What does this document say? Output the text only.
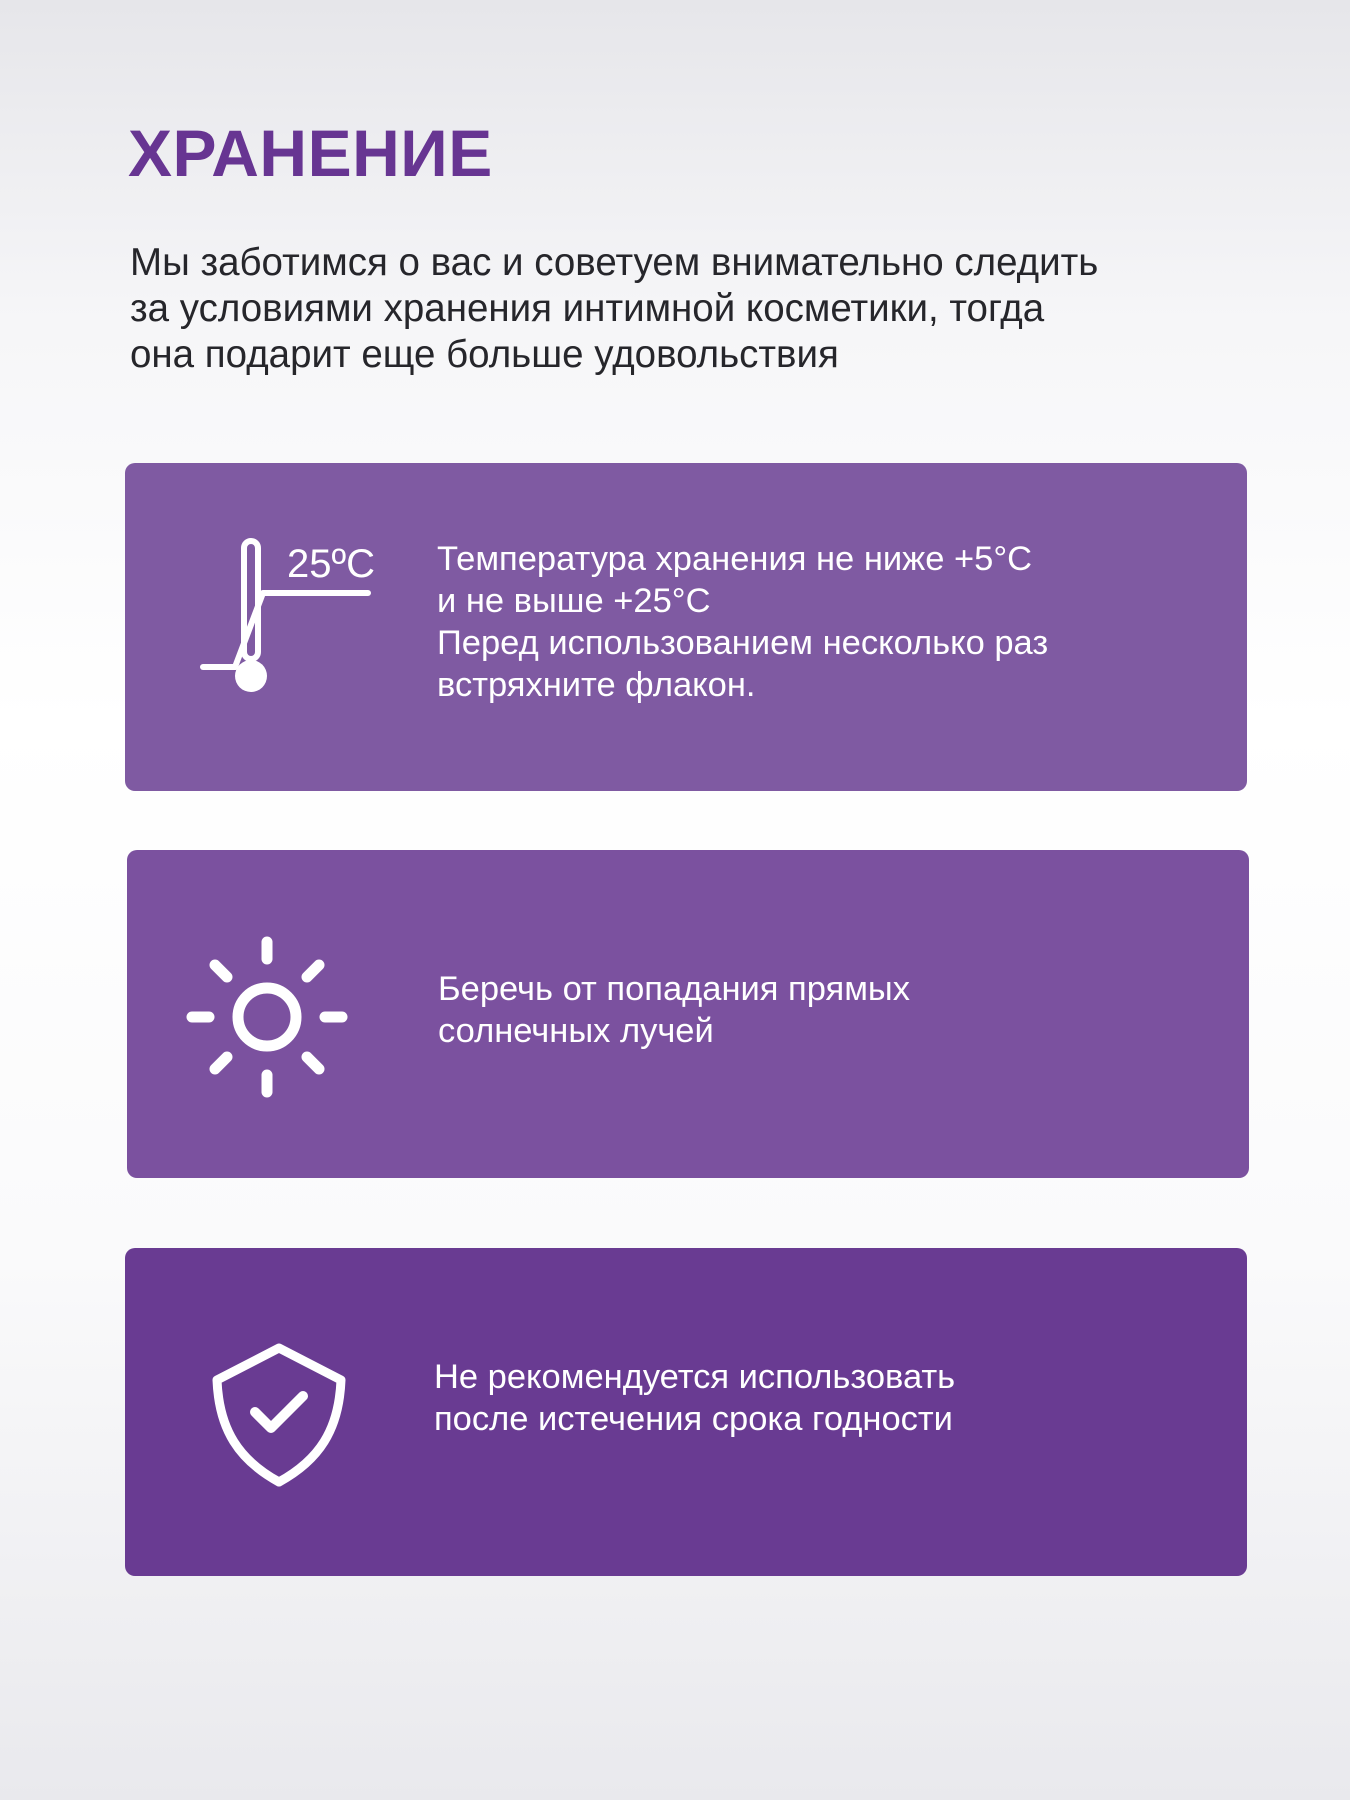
ХРАНЕНИЕ
Мы заботимся о вас и советуем внимательно следить
за условиями хранения интимной косметики, тогда
она подарит еще больше удовольствия
25ºC Температура хранения не ниже +5°С
и не выше +25°С
Перед использованием несколько раз
встряхните флакон.

Беречь от попадания прямых
солнечных лучей

Не рекомендуется использовать
после истечения срока годности
